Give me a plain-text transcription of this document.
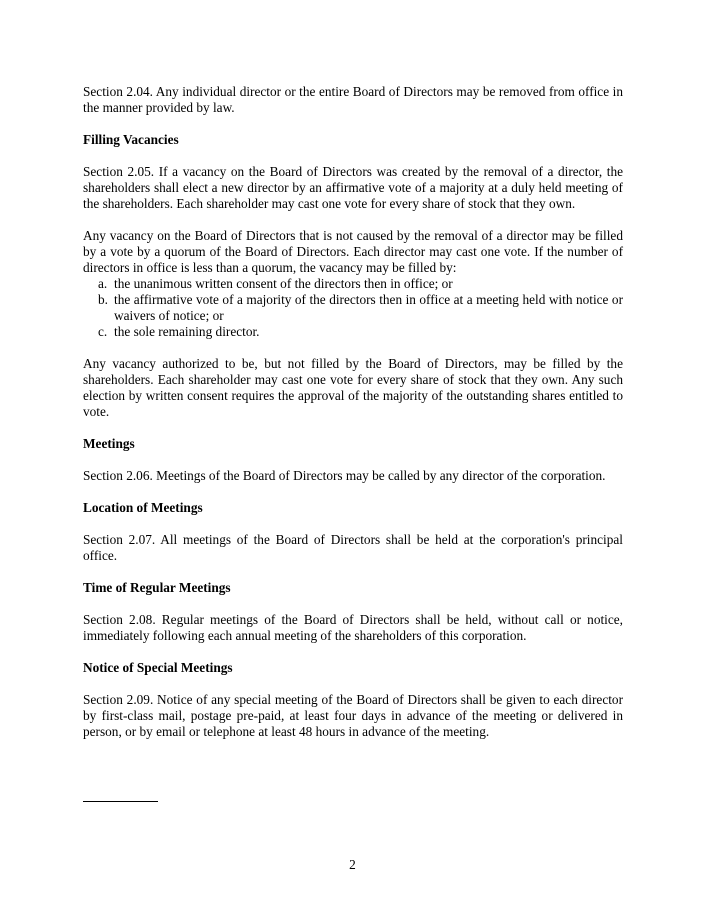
Section 2.04. Any individual director or the entire Board of Directors may be removed from office in the manner provided by law.

Filling Vacancies

Section 2.05. If a vacancy on the Board of Directors was created by the removal of a director, the shareholders shall elect a new director by an affirmative vote of a majority at a duly held meeting of the shareholders. Each shareholder may cast one vote for every share of stock that they own.

Any vacancy on the Board of Directors that is not caused by the removal of a director may be filled by a vote by a quorum of the Board of Directors. Each director may cast one vote. If the number of directors in office is less than a quorum, the vacancy may be filled by:

a. the unanimous written consent of the directors then in office; or
b. the affirmative vote of a majority of the directors then in office at a meeting held with notice or waivers of notice; or
c. the sole remaining director.

Any vacancy authorized to be, but not filled by the Board of Directors, may be filled by the shareholders. Each shareholder may cast one vote for every share of stock that they own. Any such election by written consent requires the approval of the majority of the outstanding shares entitled to vote.

Meetings

Section 2.06. Meetings of the Board of Directors may be called by any director of the corporation.

Location of Meetings

Section 2.07. All meetings of the Board of Directors shall be held at the corporation's principal office.

Time of Regular Meetings

Section 2.08. Regular meetings of the Board of Directors shall be held, without call or notice, immediately following each annual meeting of the shareholders of this corporation.

Notice of Special Meetings

Section 2.09. Notice of any special meeting of the Board of Directors shall be given to each director by first-class mail, postage pre-paid, at least four days in advance of the meeting or delivered in person, or by email or telephone at least 48 hours in advance of the meeting.

2
